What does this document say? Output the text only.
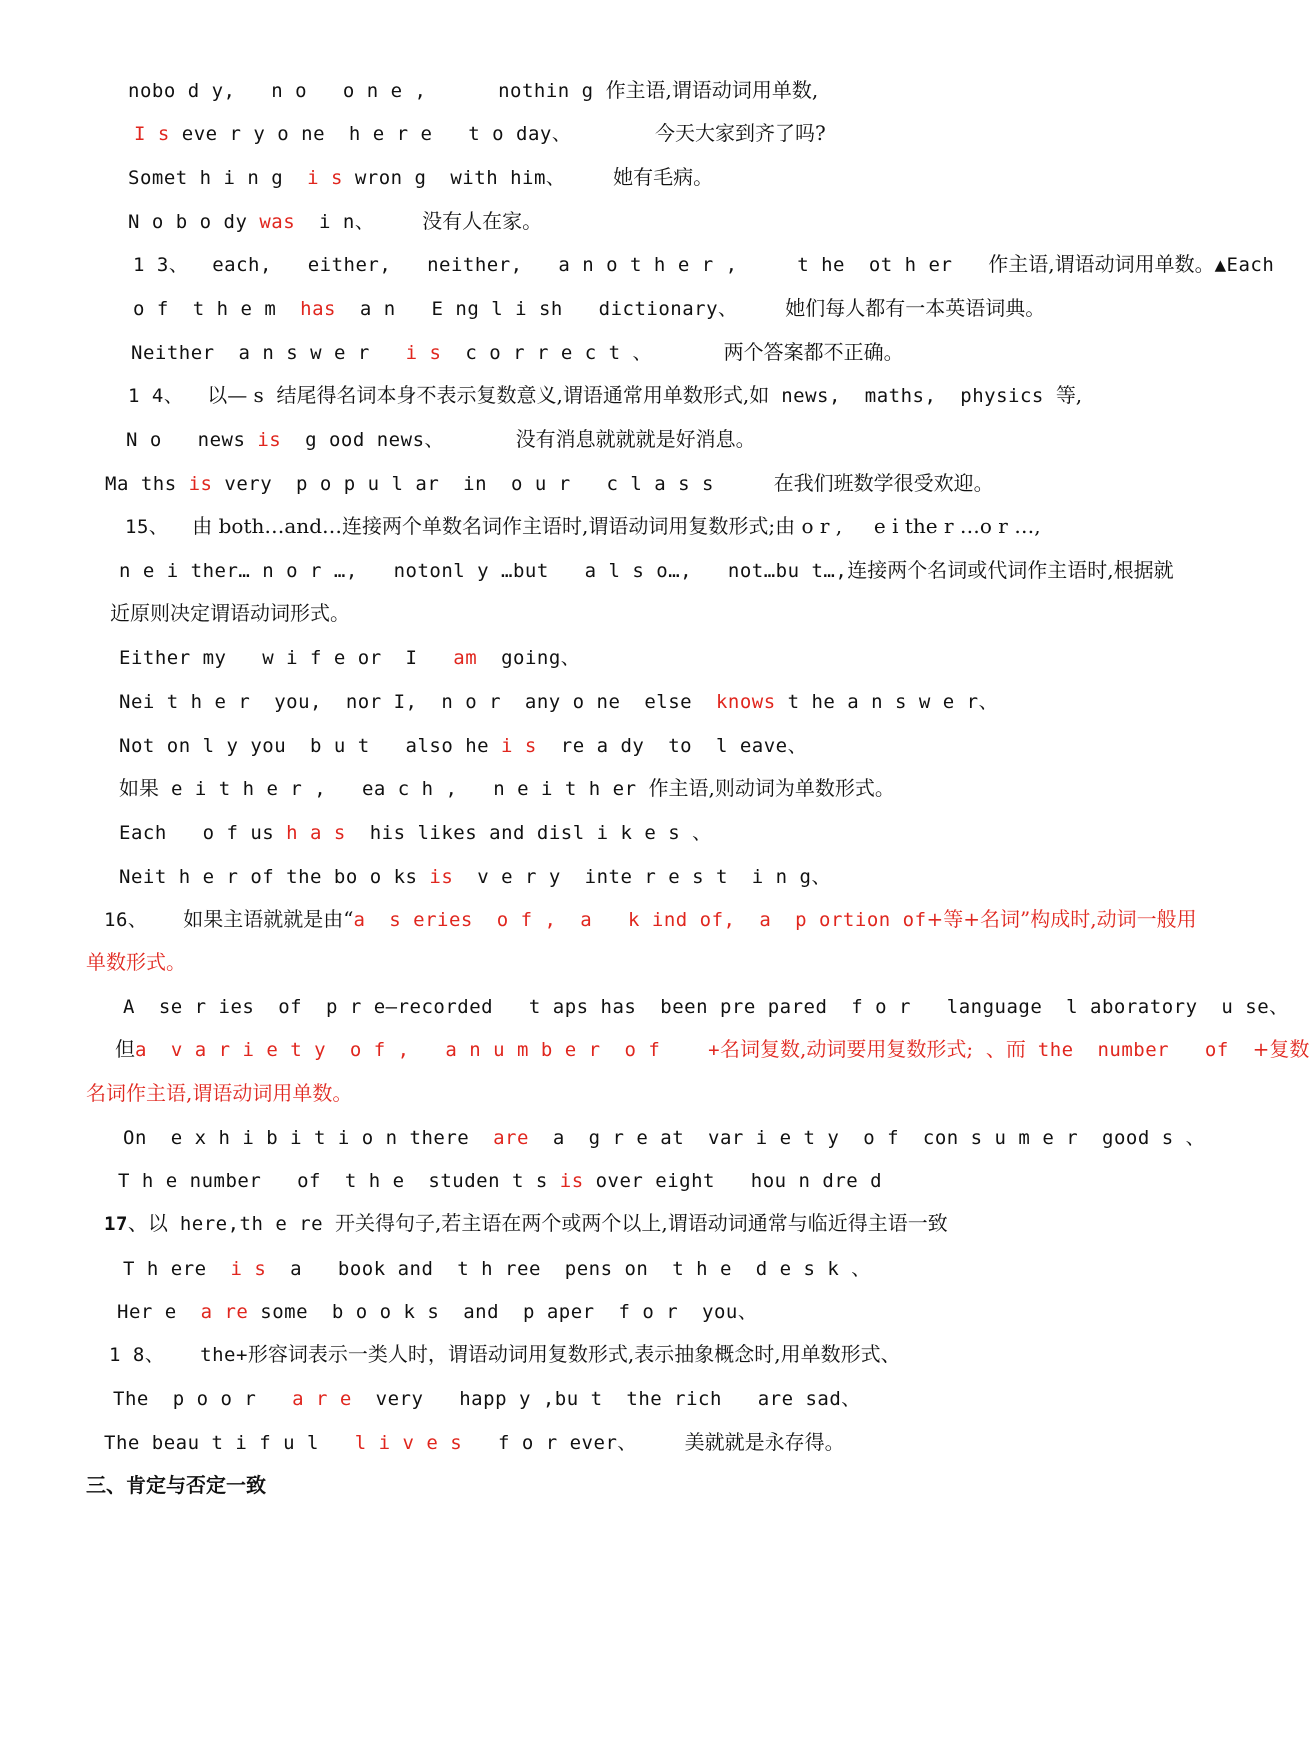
nobo d y,   n o   o n e ,      nothin g 作主语,谓语动词用单数,
I s eve r y o ne  h e r e   t o day、       今天大家到齐了吗?
Somet h i n g  i s wron g  with him、    她有毛病。
N o b o dy was  i n、    没有人在家。
1 3、  each,   either,   neither,   a n o t h e r ,     t he  ot h er   作主语,谓语动词用单数。▲Each
o f  t h e m  has  a n   E ng l i sh   dictionary、    她们每人都有一本英语词典。
Neither  a n s w e r   i s  c o r r e c t 、      两个答案都不正确。
1 4、  以— s  结尾得名词本身不表示复数意义,谓语通常用单数形式,如 news,  maths,  physics 等,
N o   news is  g ood news、      没有消息就就就是好消息。
Ma ths is very  p o p u l ar  in  o u r   c l a s s     在我们班数学很受欢迎。
15、  由 both…and…连接两个单数名词作主语时,谓语动词用复数形式;由 o r ,     e i the r …o r …,
n e i ther… n o r …,   notonl y …but   a l s o…,   not…bu t…,连接两个名词或代词作主语时,根据就
近原则决定谓语动词形式。
Either my   w i f e or  I   am  going、
Nei t h e r  you,  nor I,  n o r  any o ne  else  knows t he a n s w e r、
Not on l y you  b u t   also he i s  re a dy  to  l eave、
如果 e i t h e r ,   ea c h ,   n e i t h er 作主语,则动词为单数形式。
Each   o f us h a s  his likes and disl i k e s 、
Neit h e r of the bo o ks is  v e r y  inte r e s t  i n g、
16、   如果主语就就是由“a  s eries  o f ,  a   k ind of,  a  p ortion of+等+名词”构成时,动词一般用
单数形式。
A  se r ies  of  p r e—recorded   t aps has  been pre pared  f o r   language  l aboratory  u se、
但a  v a r i e t y  o f ,   a n u m b e r  o f    +名词复数,动词要用复数形式;  、而 the  number   of  +复数
名词作主语,谓语动词用单数。
On  e x h i b i t i o n there  are  a  g r e at  var i e t y  o f  con s u m e r  good s 、
T h e number   of  t h e  studen t s is over eight   hou n dre d
17、以 here,th e re 开关得句子,若主语在两个或两个以上,谓语动词通常与临近得主语一致
T h ere  i s  a   book and  t h ree  pens on  t h e  d e s k 、
Her e  a re some  b o o k s  and  p aper  f o r  you、
1 8、   the+形容词表示一类人时，谓语动词用复数形式,表示抽象概念时,用单数形式、
The  p o o r   a r e  very   happ y ,bu t  the rich   are sad、
The beau t i f u l   l i v e s   f o r ever、    美就就是永存得。
三、肯定与否定一致
